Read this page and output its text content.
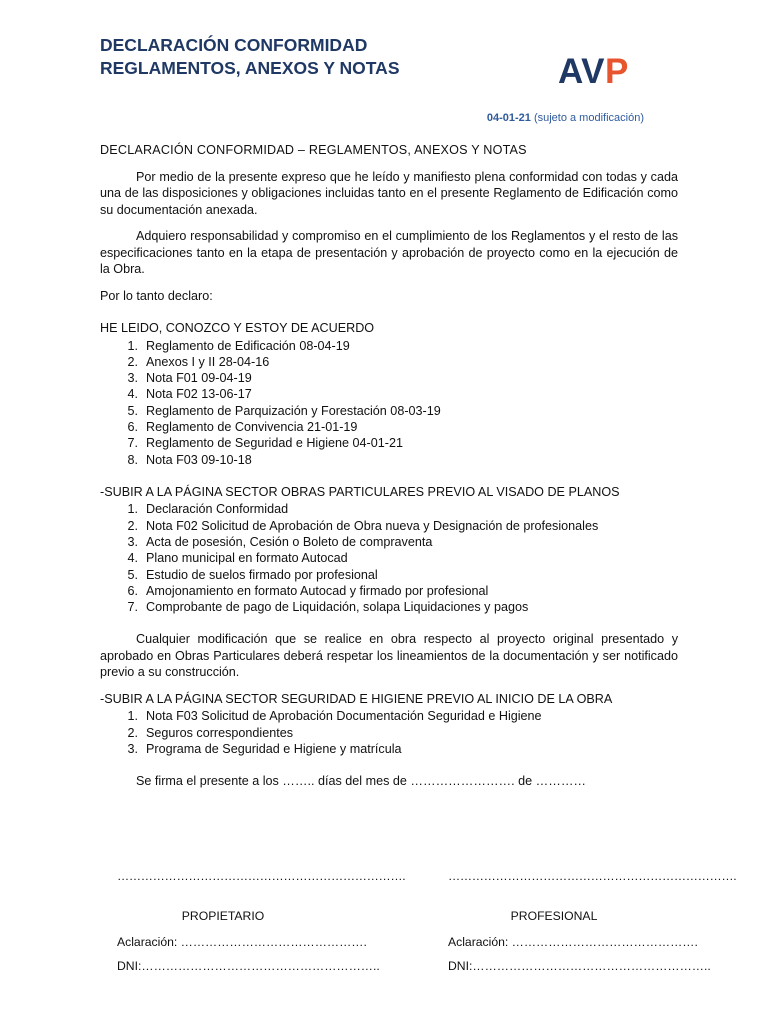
DECLARACIÓN CONFORMIDAD
REGLAMENTOS, ANEXOS Y NOTAS	AVP
04-01-21 (sujeto a modificación)
DECLARACIÓN CONFORMIDAD – REGLAMENTOS, ANEXOS Y NOTAS
Por medio de la presente expreso que he leído y manifiesto plena conformidad con todas y cada una de las disposiciones y obligaciones incluidas tanto en el presente Reglamento de Edificación como su documentación anexada.
Adquiero responsabilidad y compromiso en el cumplimiento de los Reglamentos y el resto de las especificaciones tanto en la etapa de presentación y aprobación de proyecto como en la ejecución de la Obra.
Por lo tanto declaro:
HE LEIDO, CONOZCO Y ESTOY DE ACUERDO
1. Reglamento de Edificación 08-04-19
2. Anexos I y II 28-04-16
3. Nota F01 09-04-19
4. Nota F02 13-06-17
5. Reglamento de Parquización y Forestación 08-03-19
6. Reglamento de Convivencia 21-01-19
7. Reglamento de Seguridad e Higiene 04-01-21
8. Nota F03 09-10-18
-SUBIR A LA PÁGINA SECTOR OBRAS PARTICULARES PREVIO AL VISADO DE PLANOS
1. Declaración Conformidad
2. Nota F02 Solicitud de Aprobación de Obra nueva y Designación de profesionales
3. Acta de posesión, Cesión o Boleto de compraventa
4. Plano municipal en formato Autocad
5. Estudio de suelos firmado por profesional
6. Amojonamiento en formato Autocad y firmado por profesional
7. Comprobante de pago de Liquidación, solapa Liquidaciones y pagos
Cualquier modificación que se realice en obra respecto al proyecto original presentado y aprobado en Obras Particulares deberá respetar los lineamientos de la documentación y ser notificado previo a su construcción.
-SUBIR A LA PÁGINA SECTOR SEGURIDAD E HIGIENE PREVIO AL INICIO DE LA OBRA
1. Nota F03 Solicitud de Aprobación Documentación Seguridad e Higiene
2. Seguros correspondientes
3. Programa de Seguridad e Higiene y matrícula
Se firma el presente a los …….. días del mes de ……………………. de …………
……………………………………………………………….
PROPIETARIO
Aclaración: ……………………………………….
DNI:…………………………………………………..
……………………………………………………………….
PROFESIONAL
Aclaración: ……………………………………….
DNI:…………………………………………………..
